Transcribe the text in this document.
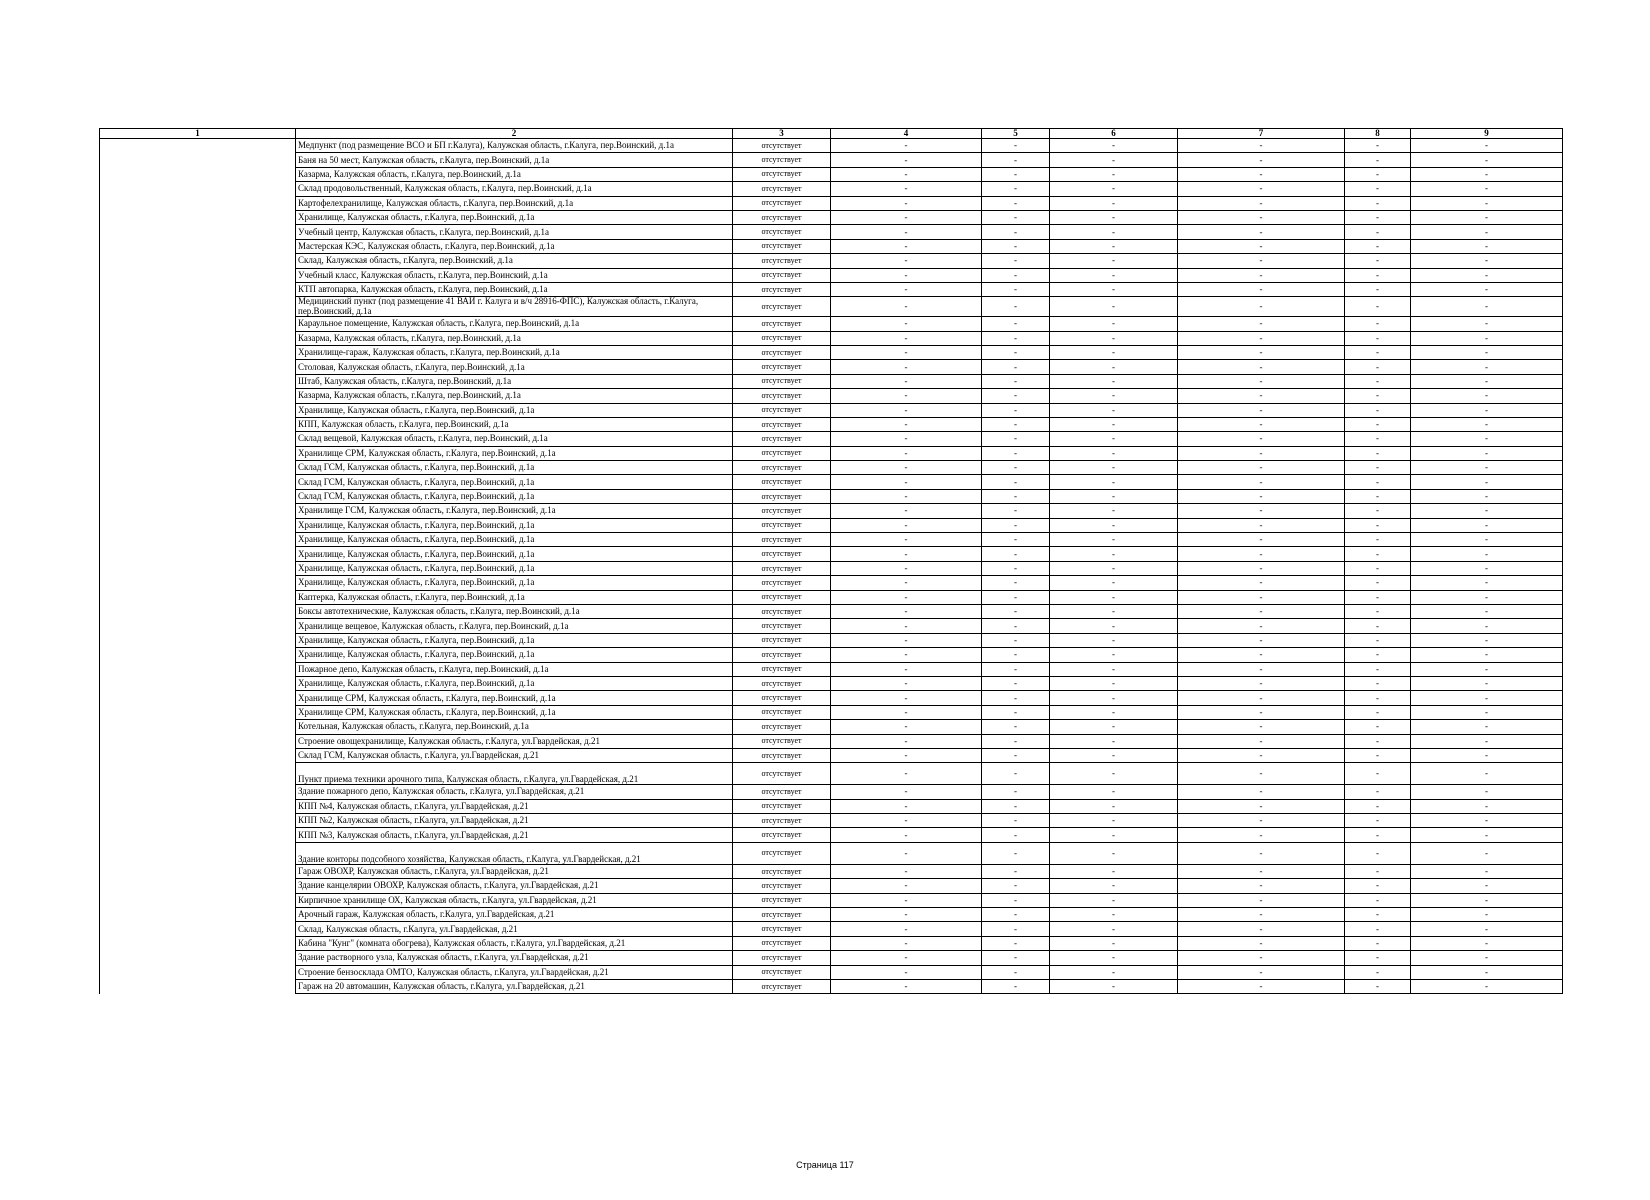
1	2	3	4	5	6	7	8	9
	Медпункт (под размещение ВСО и БП г.Калуга), Калужская область, г.Калуга, пер.Воинский, д.1а	отсутствует	-	-	-	-	-	-
	Баня на 50 мест, Калужская область, г.Калуга, пер.Воинский, д.1а	отсутствует	-	-	-	-	-	-
	Казарма, Калужская область, г.Калуга, пер.Воинский, д.1а	отсутствует	-	-	-	-	-	-
	Склад продовольственный, Калужская область, г.Калуга, пер.Воинский, д.1а	отсутствует	-	-	-	-	-	-
	Картофелехранилище, Калужская область, г.Калуга, пер.Воинский, д.1а	отсутствует	-	-	-	-	-	-
	Хранилище, Калужская область, г.Калуга, пер.Воинский, д.1а	отсутствует	-	-	-	-	-	-
	Учебный центр, Калужская область, г.Калуга, пер.Воинский, д.1а	отсутствует	-	-	-	-	-	-
	Мастерская КЭС, Калужская область, г.Калуга, пер.Воинский, д.1а	отсутствует	-	-	-	-	-	-
	Склад, Калужская область, г.Калуга, пер.Воинский, д.1а	отсутствует	-	-	-	-	-	-
	Учебный класс, Калужская область, г.Калуга, пер.Воинский, д.1а	отсутствует	-	-	-	-	-	-
	КТП автопарка, Калужская область, г.Калуга, пер.Воинский, д.1а	отсутствует	-	-	-	-	-	-
	Медицинский пункт (под размещение 41 ВАИ г. Калуга и в/ч 28916-ФПС), Калужская область, г.Калуга, пер.Воинский, д.1а	отсутствует	-	-	-	-	-	-
	Караульное помещение, Калужская область, г.Калуга, пер.Воинский, д.1а	отсутствует	-	-	-	-	-	-
	Казарма, Калужская область, г.Калуга, пер.Воинский, д.1а	отсутствует	-	-	-	-	-	-
	Хранилище-гараж, Калужская область, г.Калуга, пер.Воинский, д.1а	отсутствует	-	-	-	-	-	-
	Столовая, Калужская область, г.Калуга, пер.Воинский, д.1а	отсутствует	-	-	-	-	-	-
	Штаб, Калужская область, г.Калуга, пер.Воинский, д.1а	отсутствует	-	-	-	-	-	-
	Казарма, Калужская область, г.Калуга, пер.Воинский, д.1а	отсутствует	-	-	-	-	-	-
	Хранилище, Калужская область, г.Калуга, пер.Воинский, д.1а	отсутствует	-	-	-	-	-	-
	КПП, Калужская область, г.Калуга, пер.Воинский, д.1а	отсутствует	-	-	-	-	-	-
	Склад вещевой, Калужская область, г.Калуга, пер.Воинский, д.1а	отсутствует	-	-	-	-	-	-
	Хранилище СРМ, Калужская область, г.Калуга, пер.Воинский, д.1а	отсутствует	-	-	-	-	-	-
	Склад ГСМ, Калужская область, г.Калуга, пер.Воинский, д.1а	отсутствует	-	-	-	-	-	-
	Склад ГСМ, Калужская область, г.Калуга, пер.Воинский, д.1а	отсутствует	-	-	-	-	-	-
	Склад ГСМ, Калужская область, г.Калуга, пер.Воинский, д.1а	отсутствует	-	-	-	-	-	-
	Хранилище ГСМ, Калужская область, г.Калуга, пер.Воинский, д.1а	отсутствует	-	-	-	-	-	-
	Хранилище, Калужская область, г.Калуга, пер.Воинский, д.1а	отсутствует	-	-	-	-	-	-
	Хранилище, Калужская область, г.Калуга, пер.Воинский, д.1а	отсутствует	-	-	-	-	-	-
	Хранилище, Калужская область, г.Калуга, пер.Воинский, д.1а	отсутствует	-	-	-	-	-	-
	Хранилище, Калужская область, г.Калуга, пер.Воинский, д.1а	отсутствует	-	-	-	-	-	-
	Хранилище, Калужская область, г.Калуга, пер.Воинский, д.1а	отсутствует	-	-	-	-	-	-
	Каптерка, Калужская область, г.Калуга, пер.Воинский, д.1а	отсутствует	-	-	-	-	-	-
	Боксы автотехнические, Калужская область, г.Калуга, пер.Воинский, д.1а	отсутствует	-	-	-	-	-	-
	Хранилище вещевое, Калужская область, г.Калуга, пер.Воинский, д.1а	отсутствует	-	-	-	-	-	-
	Хранилище, Калужская область, г.Калуга, пер.Воинский, д.1а	отсутствует	-	-	-	-	-	-
	Хранилище, Калужская область, г.Калуга, пер.Воинский, д.1а	отсутствует	-	-	-	-	-	-
	Пожарное депо, Калужская область, г.Калуга, пер.Воинский, д.1а	отсутствует	-	-	-	-	-	-
	Хранилище, Калужская область, г.Калуга, пер.Воинский, д.1а	отсутствует	-	-	-	-	-	-
	Хранилище СРМ, Калужская область, г.Калуга, пер.Воинский, д.1а	отсутствует	-	-	-	-	-	-
	Хранилище СРМ, Калужская область, г.Калуга, пер.Воинский, д.1а	отсутствует	-	-	-	-	-	-
	Котельная, Калужская область, г.Калуга, пер.Воинский, д.1а	отсутствует	-	-	-	-	-	-
	Строение овощехранилище, Калужская область, г.Калуга, ул.Гвардейская, д.21	отсутствует	-	-	-	-	-	-
	Склад ГСМ, Калужская область, г.Калуга, ул.Гвардейская, д.21	отсутствует	-	-	-	-	-	-
	Пункт приема техники арочного типа, Калужская область, г.Калуга, ул.Гвардейская, д.21	отсутствует	-	-	-	-	-	-
	Здание пожарного депо, Калужская область, г.Калуга, ул.Гвардейская, д.21	отсутствует	-	-	-	-	-	-
	КПП №4, Калужская область, г.Калуга, ул.Гвардейская, д.21	отсутствует	-	-	-	-	-	-
	КПП №2, Калужская область, г.Калуга, ул.Гвардейская, д.21	отсутствует	-	-	-	-	-	-
	КПП №3, Калужская область, г.Калуга, ул.Гвардейская, д.21	отсутствует	-	-	-	-	-	-
	Здание конторы подсобного хозяйства, Калужская область, г.Калуга, ул.Гвардейская, д.21	отсутствует	-	-	-	-	-	-
	Гараж ОВОХР, Калужская область, г.Калуга, ул.Гвардейская, д.21	отсутствует	-	-	-	-	-	-
	Здание канцелярии ОВОХР, Калужская область, г.Калуга, ул.Гвардейская, д.21	отсутствует	-	-	-	-	-	-
	Кирпичное хранилище ОХ, Калужская область, г.Калуга, ул.Гвардейская, д.21	отсутствует	-	-	-	-	-	-
	Арочный гараж, Калужская область, г.Калуга, ул.Гвардейская, д.21	отсутствует	-	-	-	-	-	-
	Склад, Калужская область, г.Калуга, ул.Гвардейская, д.21	отсутствует	-	-	-	-	-	-
	Кабина "Кунг" (комната обогрева), Калужская область, г.Калуга, ул.Гвардейская, д.21	отсутствует	-	-	-	-	-	-
	Здание растворного узла, Калужская область, г.Калуга, ул.Гвардейская, д.21	отсутствует	-	-	-	-	-	-
	Строение бензосклада ОМТО, Калужская область, г.Калуга, ул.Гвардейская, д.21	отсутствует	-	-	-	-	-	-
	Гараж на 20 автомашин, Калужская область, г.Калуга, ул.Гвардейская, д.21	отсутствует	-	-	-	-	-	-
Страница 117
